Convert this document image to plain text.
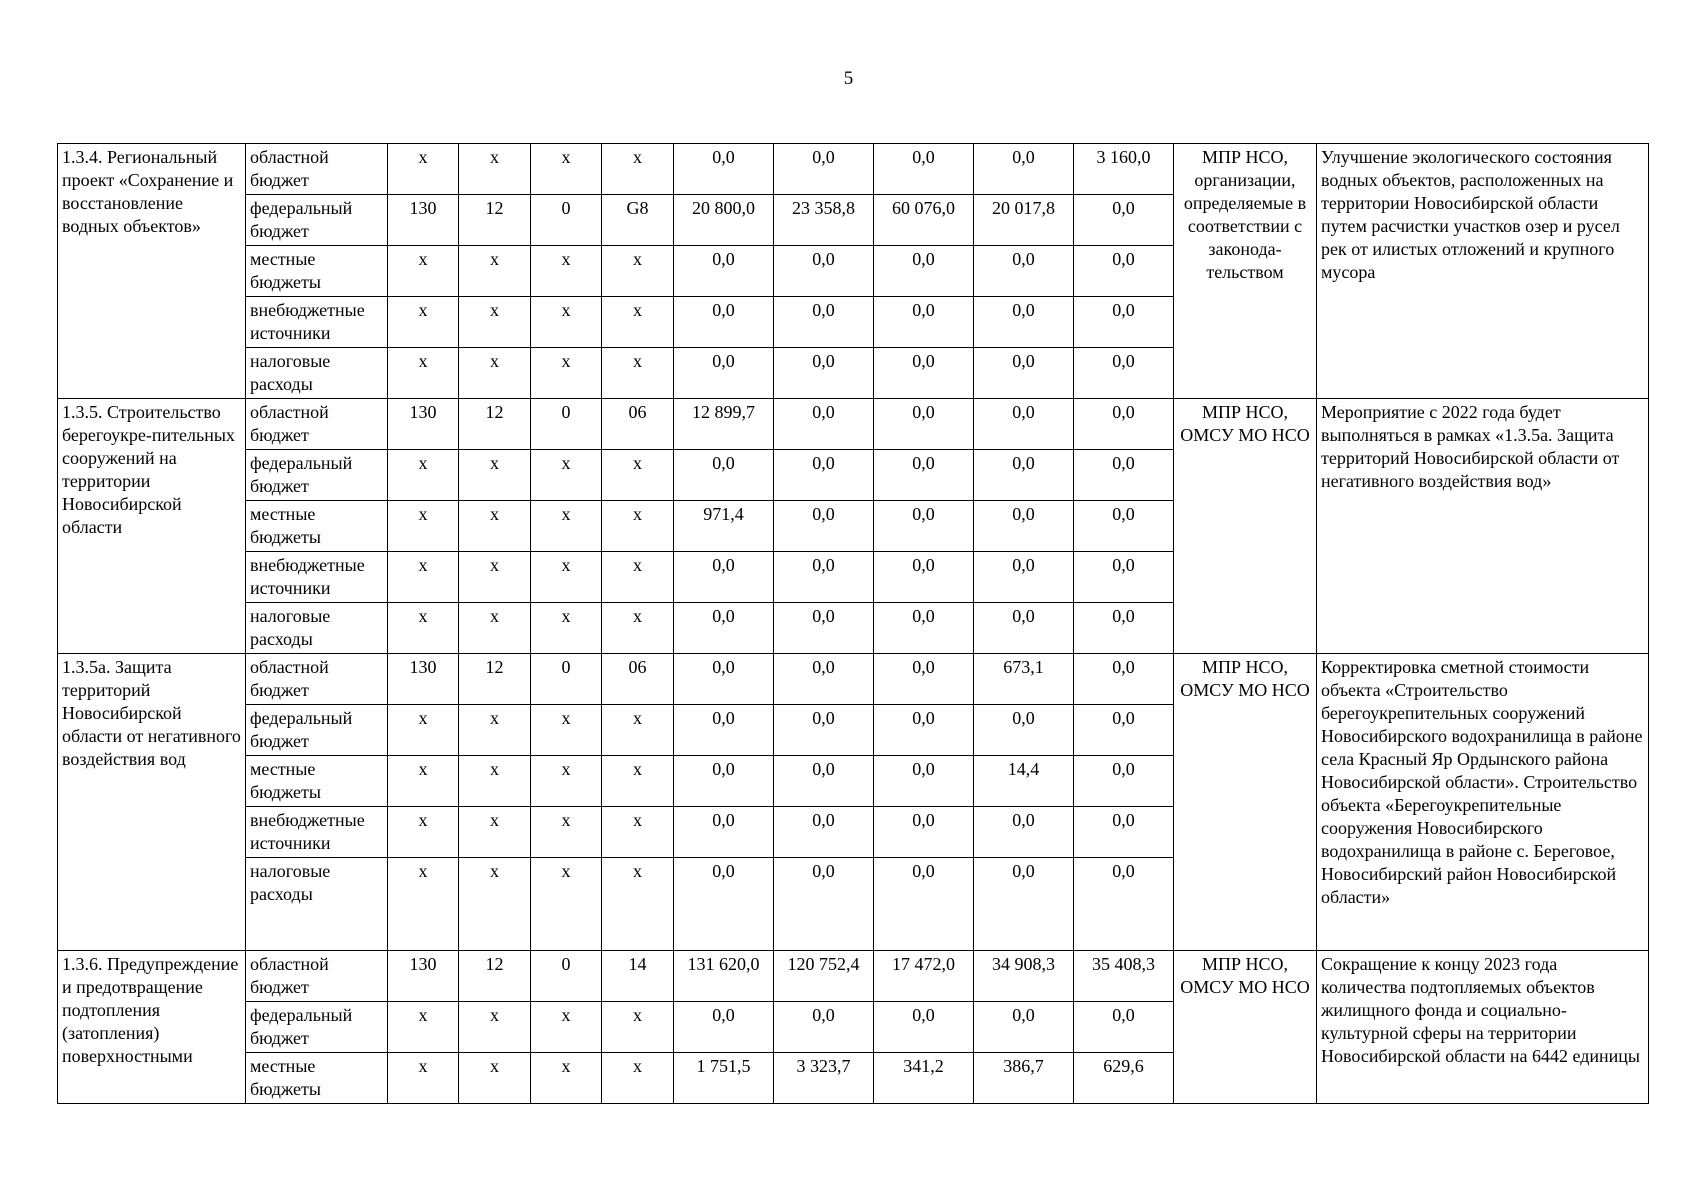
5
1.3.4. Региональный проект «Сохранение и восстановление водных объектов»	областной бюджет	x	x	x	x	0,0	0,0	0,0	0,0	3 160,0	МПР НСО, организации, определяемые в соответствии с законода-тельством	Улучшение экологического состояния водных объектов, расположенных на территории Новосибирской области путем расчистки участков озер и русел рек от илистых отложений и крупного мусора
	федеральный бюджет	130	12	0	G8	20 800,0	23 358,8	60 076,0	20 017,8	0,0		
	местные бюджеты	x	x	x	x	0,0	0,0	0,0	0,0	0,0		
	внебюджетные источники	x	x	x	x	0,0	0,0	0,0	0,0	0,0		
	налоговые расходы	x	x	x	x	0,0	0,0	0,0	0,0	0,0		
1.3.5. Строительство берегоукре-пительных сооружений на территории Новосибирской области	областной бюджет	130	12	0	06	12 899,7	0,0	0,0	0,0	0,0	МПР НСО, ОМСУ МО НСО	Мероприятие с 2022 года будет выполняться в рамках «1.3.5а. Защита территорий Новосибирской области от негативного воздействия вод»
	федеральный бюджет	x	x	x	x	0,0	0,0	0,0	0,0	0,0		
	местные бюджеты	x	x	x	x	971,4	0,0	0,0	0,0	0,0		
	внебюджетные источники	x	x	x	x	0,0	0,0	0,0	0,0	0,0		
	налоговые расходы	x	x	x	x	0,0	0,0	0,0	0,0	0,0		
1.3.5а. Защита территорий Новосибирской области от негативного воздействия вод	областной бюджет	130	12	0	06	0,0	0,0	0,0	673,1	0,0	МПР НСО, ОМСУ МО НСО	Корректировка сметной стоимости объекта «Строительство берегоукрепительных сооружений Новосибирского водохранилища в районе села Красный Яр Ордынского района Новосибирской области». Строительство объекта «Берегоукрепительные сооружения Новосибирского водохранилища в районе с. Береговое, Новосибирский район Новосибирской области»
	федеральный бюджет	x	x	x	x	0,0	0,0	0,0	0,0	0,0		
	местные бюджеты	x	x	x	x	0,0	0,0	0,0	14,4	0,0		
	внебюджетные источники	x	x	x	x	0,0	0,0	0,0	0,0	0,0		
	налоговые расходы	x	x	x	x	0,0	0,0	0,0	0,0	0,0		
1.3.6. Предупреждение и предотвращение подтопления (затопления) поверхностными	областной бюджет	130	12	0	14	131 620,0	120 752,4	17 472,0	34 908,3	35 408,3	МПР НСО, ОМСУ МО НСО	Сокращение к концу 2023 года количества подтопляемых объектов жилищного фонда и социально-культурной сферы на территории Новосибирской области на 6442 единицы
	федеральный бюджет	x	x	x	x	0,0	0,0	0,0	0,0	0,0		
	местные бюджеты	x	x	x	x	1 751,5	3 323,7	341,2	386,7	629,6		
